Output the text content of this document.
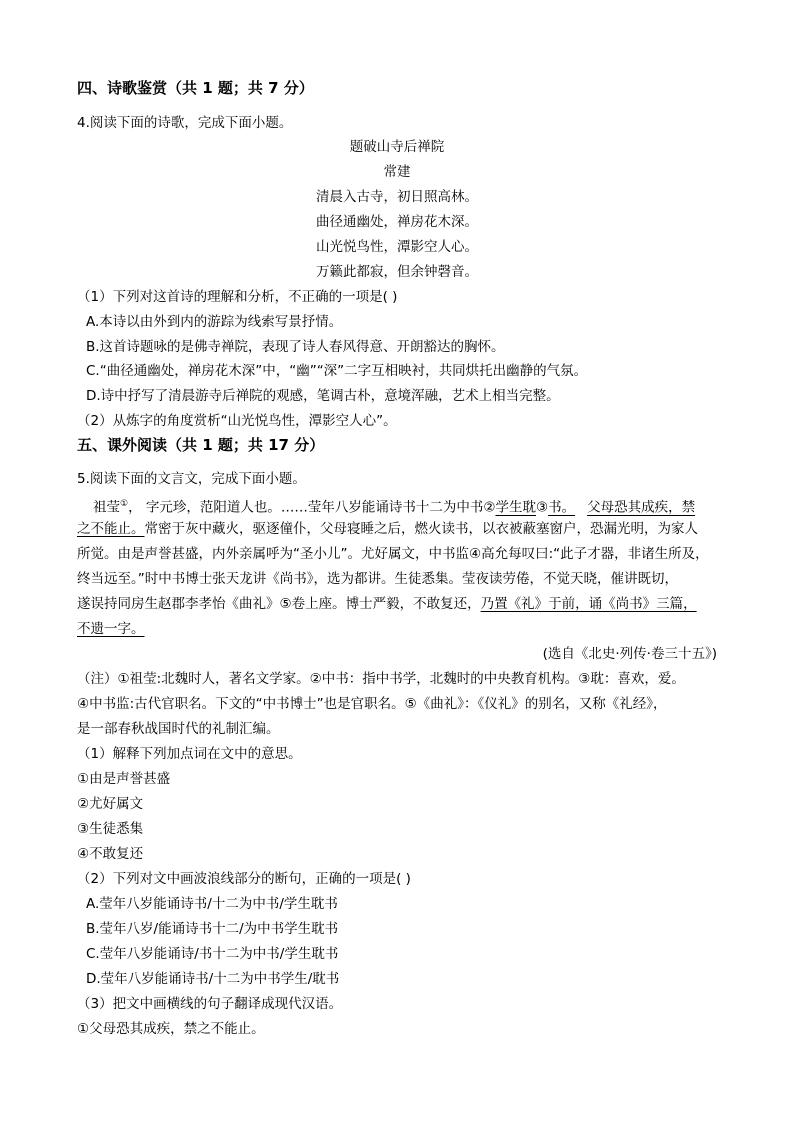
四、诗歌鉴赏（共 1 题；共 7 分）
4.阅读下面的诗歌，完成下面小题。
题破山寺后禅院
常建
清晨入古寺，初日照高林。
曲径通幽处，禅房花木深。
山光悦鸟性，潭影空人心。
万籁此都寂，但余钟磬音。
（1）下列对这首诗的理解和分析，不正确的一项是( )
A.本诗以由外到内的游踪为线索写景抒情。
B.这首诗题咏的是佛寺禅院，表现了诗人春风得意、开朗豁达的胸怀。
C.“曲径通幽处，禅房花木深”中，“幽”“深”二字互相映衬，共同烘托出幽静的气氛。
D.诗中抒写了清晨游寺后禅院的观感，笔调古朴，意境浑融，艺术上相当完整。
（2）从炼字的角度赏析“山光悦鸟性，潭影空人心”。
五、课外阅读（共 1 题；共 17 分）
5.阅读下面的文言文，完成下面小题。
祖莹①， 字元珍，范阳道人也。……莹年八岁能诵诗书十二为中书②学生耽③书。 父母恐其成疾，禁
之不能止。常密于灰中藏火，驱逐僮仆，父母寝睡之后，燃火读书，以衣被蔽塞窗户，恐漏光明，为家人
所觉。由是声誉甚盛，内外亲属呼为“圣小儿”。尤好属文，中书监④高允每叹曰:“此子才器，非诸生所及，
终当远至。”时中书博士张天龙讲《尚书》，选为都讲。生徒悉集。莹夜读劳倦，不觉天晓，催讲既切，
遂误持同房生赵郡李孝怡《曲礼》⑤卷上座。博士严毅，不敢复还，乃置《礼》于前，诵《尚书》三篇，
不遗一字。
(选自《北史·列传·卷三十五》)
（注）①祖莹:北魏时人，著名文学家。②中书：指中书学，北魏时的中央教育机构。③耽：喜欢，爱。
④中书监:古代官职名。下文的“中书博士”也是官职名。⑤《曲礼》：《仪礼》的别名，又称《礼经》，
是一部春秋战国时代的礼制汇编。
（1）解释下列加点词在文中的意思。
①由是声誉甚盛
②尤好属文
③生徒悉集
④不敢复还
（2）下列对文中画波浪线部分的断句，正确的一项是( )
A.莹年八岁能诵诗书/十二为中书/学生耽书
B.莹年八岁/能诵诗书十二/为中书学生耽书
C.莹年八岁能诵诗/书十二为中书/学生耽书
D.莹年八岁能诵诗书/十二为中书学生/耽书
（3）把文中画横线的句子翻译成现代汉语。
①父母恐其成疾，禁之不能止。
